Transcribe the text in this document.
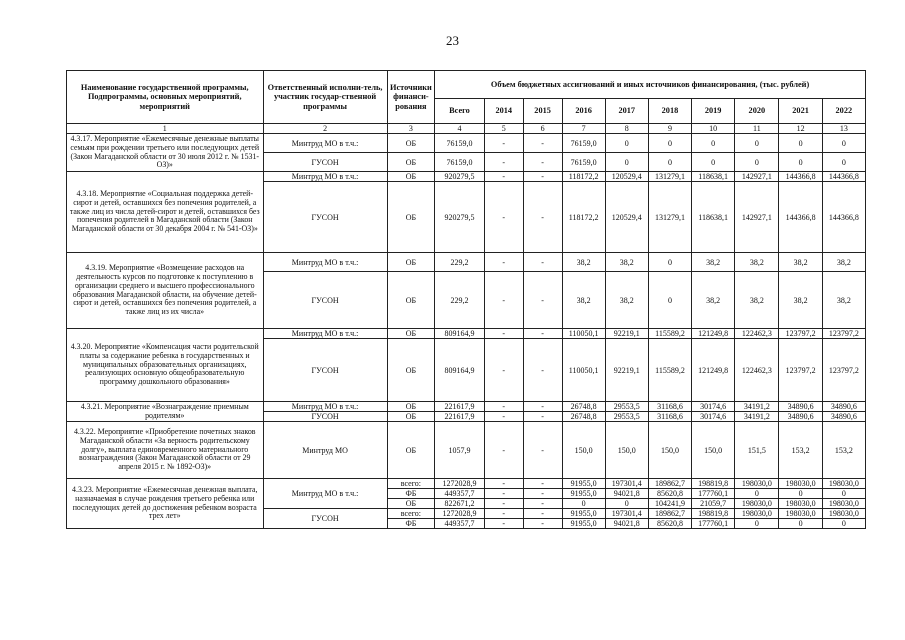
23
Наименование государственной программы, Подпрограммы, основных мероприятий, мероприятий	Ответственный исполни-тель, участник государ-ственной программы	Источники финанси-рования	Объем бюджетных ассигнований и иных источников финансирования, (тыс. рублей)									
			Всего	2014	2015	2016	2017	2018	2019	2020	2021	2022
1	2	3	4	5	6	7	8	9	10	11	12	13
4.3.17. Мероприятие «Ежемесячные денежные выплаты семьям при рождении третьего или последующих детей (Закон Магаданской области от 30 июля 2012 г. № 1531-ОЗ)»	Минтруд МО в т.ч.:	ОБ	76159,0	-	-	76159,0	0	0	0	0	0	0
	ГУСОН	ОБ	76159,0	-	-	76159,0	0	0	0	0	0	0
4.3.18. Мероприятие «Социальная поддержка детей-сирот и детей, оставшихся без попечения родителей, а также лиц из числа детей-сирот и детей, оставшихся без попечения родителей в Магаданской области (Закон Магаданской области от 30 декабря 2004 г. № 541-ОЗ)»	Минтруд МО в т.ч.:	ОБ	920279,5	-	-	118172,2	120529,4	131279,1	118638,1	142927,1	144366,8	144366,8
	ГУСОН	ОБ	920279,5	-	-	118172,2	120529,4	131279,1	118638,1	142927,1	144366,8	144366,8
4.3.19. Мероприятие «Возмещение расходов на деятельность курсов по подготовке к поступлению в организации среднего и высшего профессионального образования Магаданской области, на обучение детей-сирот и детей, оставшихся без попечения родителей, а также лиц из их числа»	Минтруд МО в т.ч.:	ОБ	229,2	-	-	38,2	38,2	0	38,2	38,2	38,2	38,2
	ГУСОН	ОБ	229,2	-	-	38,2	38,2	0	38,2	38,2	38,2	38,2
4.3.20. Мероприятие «Компенсация части родительской платы за содержание ребенка в государственных и муниципальных образовательных организациях, реализующих основную общеобразовательную программу дошкольного образования»	Минтруд МО в т.ч.:	ОБ	809164,9	-	-	110050,1	92219,1	115589,2	121249,8	122462,3	123797,2	123797,2
	ГУСОН	ОБ	809164,9	-	-	110050,1	92219,1	115589,2	121249,8	122462,3	123797,2	123797,2
4.3.21. Мероприятие «Вознаграждение приемным родителям»	Минтруд МО в т.ч.:	ОБ	221617,9	-	-	26748,8	29553,5	31168,6	30174,6	34191,2	34890,6	34890,6
	ГУСОН	ОБ	221617,9	-	-	26748,8	29553,5	31168,6	30174,6	34191,2	34890,6	34890,6
4.3.22. Мероприятие «Приобретение почетных знаков Магаданской области «За верность родительскому долгу», выплата единовременного материального вознаграждения (Закон Магаданской области от 29 апреля 2015 г. № 1892-ОЗ)»	Минтруд МО	ОБ	1057,9	-	-	150,0	150,0	150,0	150,0	151,5	153,2	153,2
4.3.23. Мероприятие «Ежемесячная денежная выплата, назначаемая в случае рождения третьего ребенка или последующих детей до достижения ребенком возраста трех лет»	Минтруд МО в т.ч.:	всего:	1272028,9	-	-	91955,0	197301,4	189862,7	198819,8	198030,0	198030,0	198030,0
		ФБ	449357,7	-	-	91955,0	94021,8	85620,8	177760,1	0	0	0
		ОБ	822671,2	-	-	0	0	104241,9	21059,7	198030,0	198030,0	198030,0
	ГУСОН	всего:	1272028,9	-	-	91955,0	197301,4	189862,7	198819,8	198030,0	198030,0	198030,0
		ФБ	449357,7	-	-	91955,0	94021,8	85620,8	177760,1	0	0	0
